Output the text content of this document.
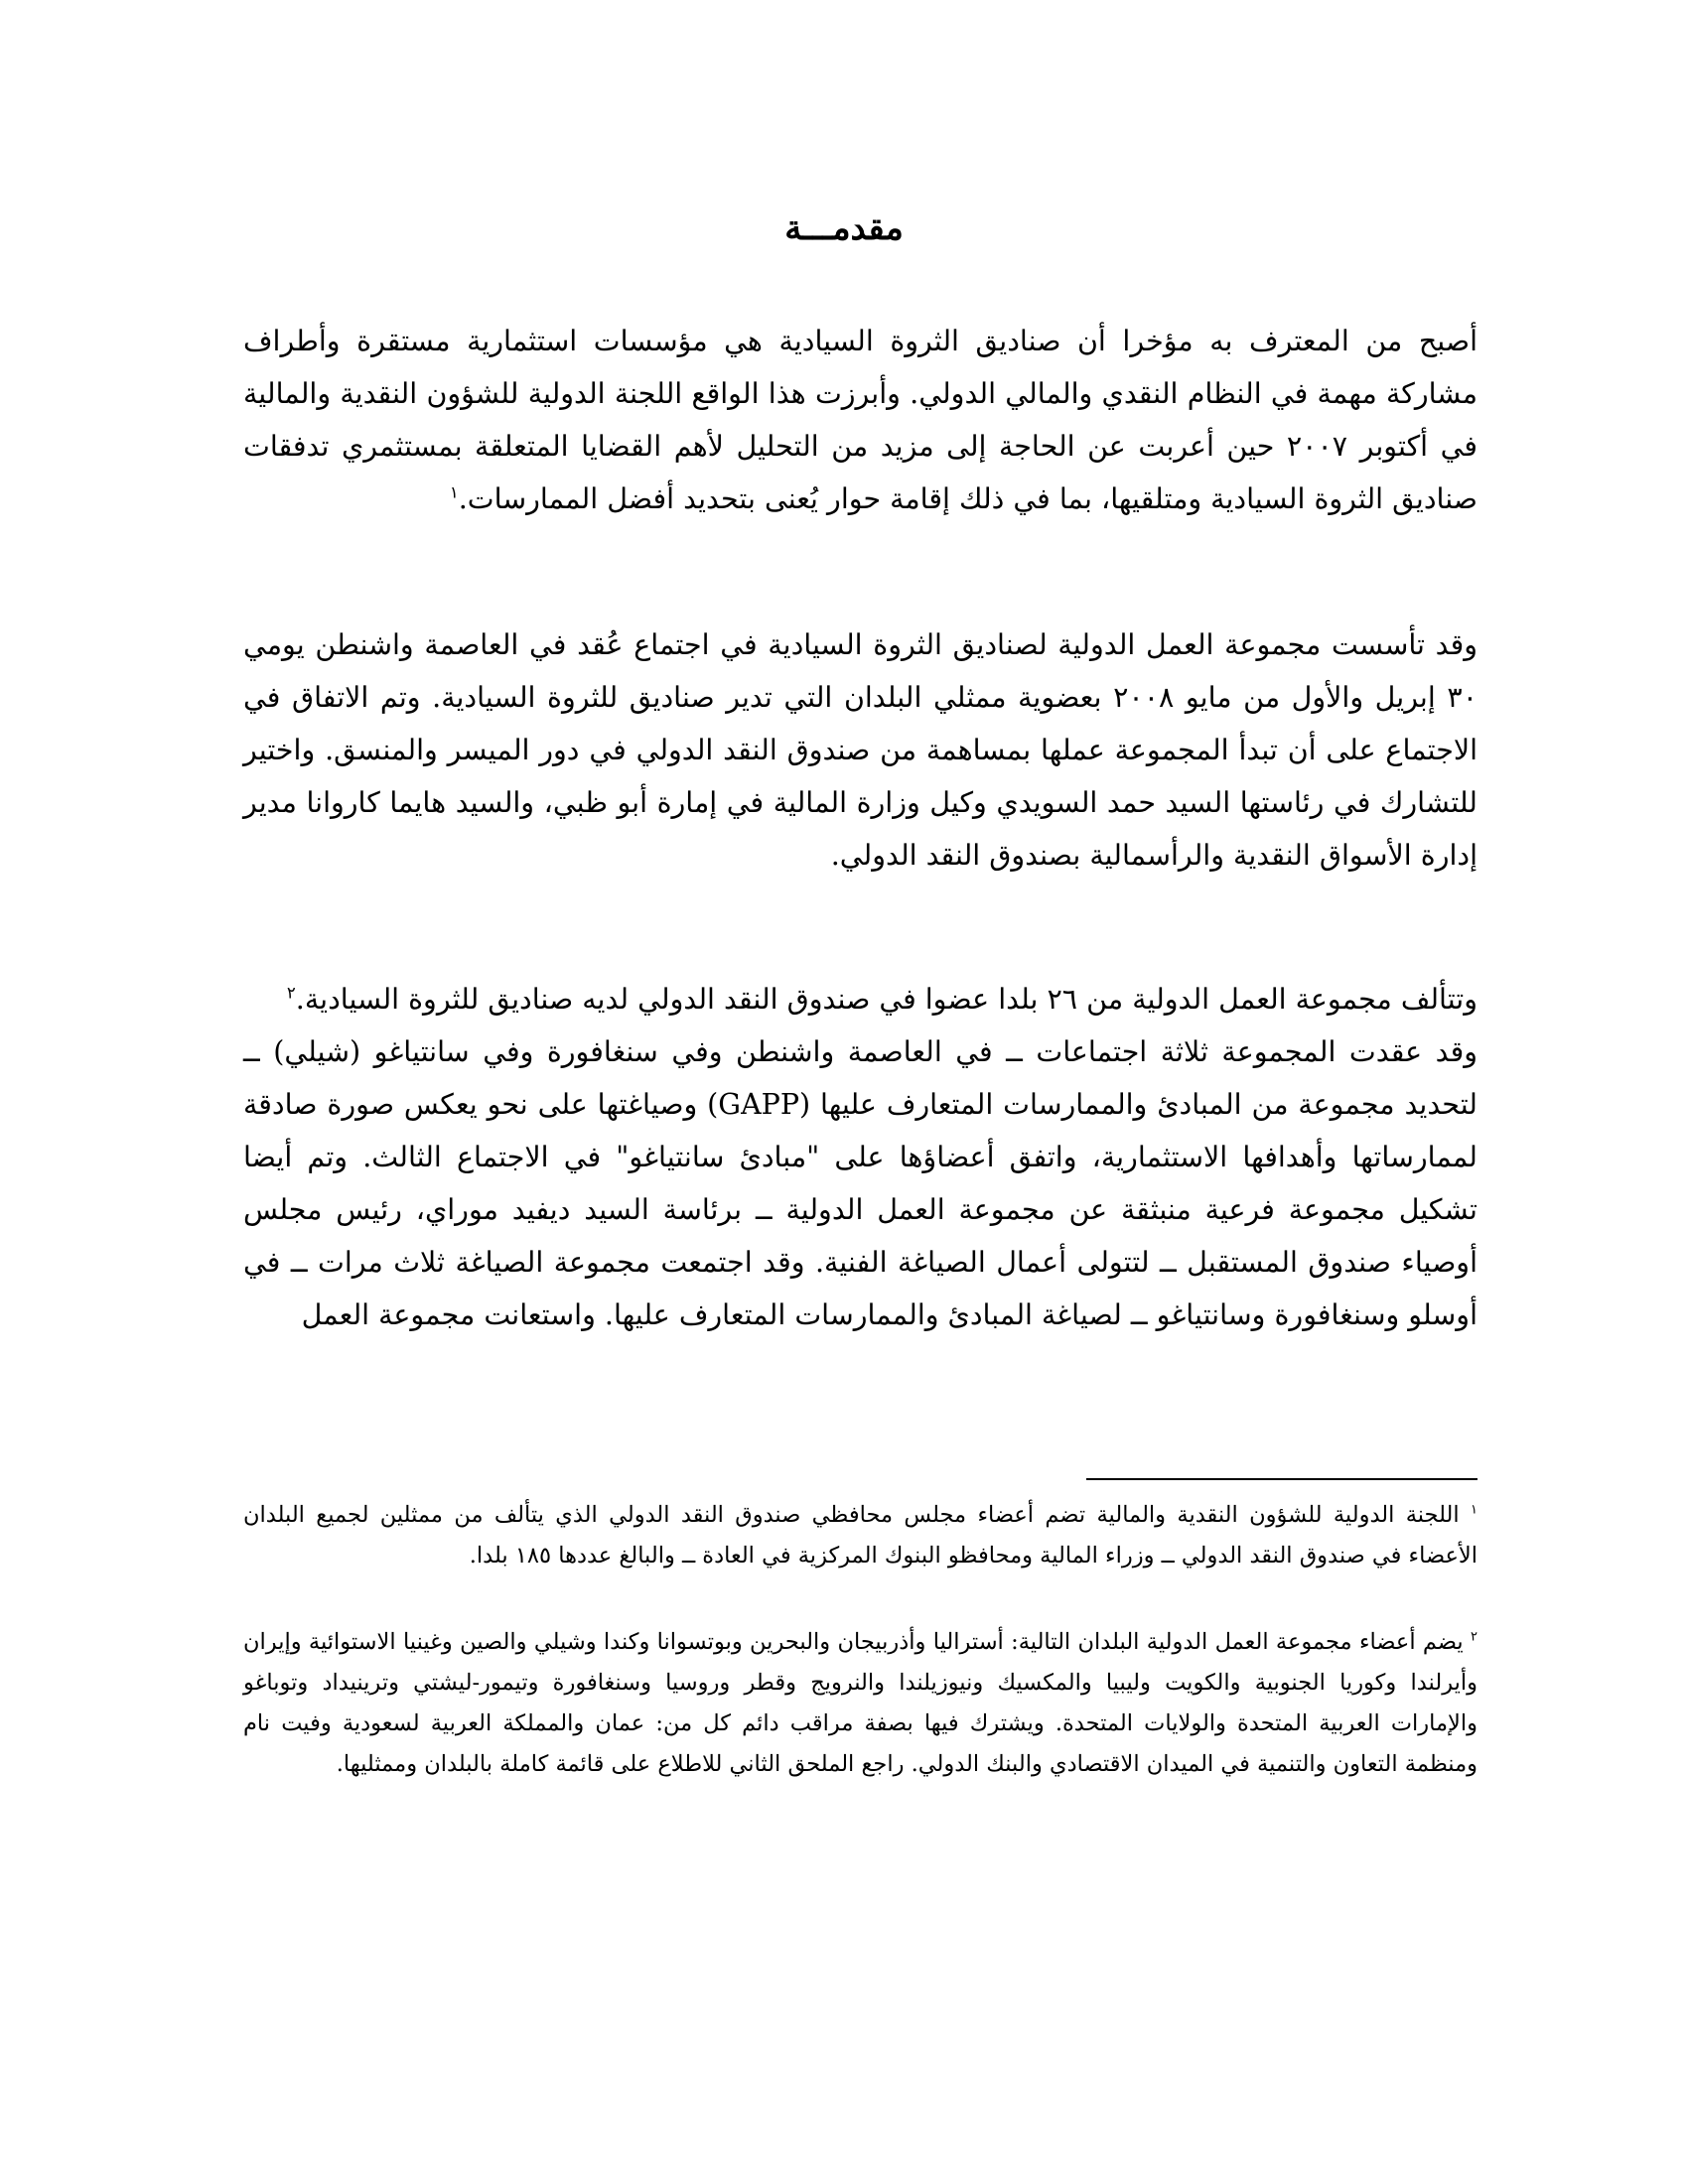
مقدمـــة

أصبح من المعترف به مؤخرا أن صناديق الثروة السيادية هي مؤسسات استثمارية مستقرة وأطراف مشاركة مهمة في النظام النقدي والمالي الدولي. وأبرزت هذا الواقع اللجنة الدولية للشؤون النقدية والمالية في أكتوبر ٢٠٠٧ حين أعربت عن الحاجة إلى مزيد من التحليل لأهم القضايا المتعلقة بمستثمري تدفقات صناديق الثروة السيادية ومتلقيها، بما في ذلك إقامة حوار يُعنى بتحديد أفضل الممارسات.$^١$

وقد تأسست مجموعة العمل الدولية لصناديق الثروة السيادية في اجتماع عُقد في العاصمة واشنطن يومي ٣٠ إبريل والأول من مايو ٢٠٠٨ بعضوية ممثلي البلدان التي تدير صناديق للثروة السيادية. وتم الاتفاق في الاجتماع على أن تبدأ المجموعة عملها بمساهمة من صندوق النقد الدولي في دور الميسر والمنسق. واختير للتشارك في رئاستها السيد حمد السويدي وكيل وزارة المالية في إمارة أبو ظبي، والسيد هايما كاروانا مدير إدارة الأسواق النقدية والرأسمالية بصندوق النقد الدولي.

وتتألف مجموعة العمل الدولية من ٢٦ بلدا عضوا في صندوق النقد الدولي لديه صناديق للثروة السيادية.$^٢$
وقد عقدت المجموعة ثلاثة اجتماعات ــ في العاصمة واشنطن وفي سنغافورة وفي سانتياغو (شيلي) ــ لتحديد مجموعة من المبادئ والممارسات المتعارف عليها (GAPP) وصياغتها على نحو يعكس صورة صادقة لممارساتها وأهدافها الاستثمارية، واتفق أعضاؤها على "مبادئ سانتياغو" في الاجتماع الثالث. وتم أيضا تشكيل مجموعة فرعية منبثقة عن مجموعة العمل الدولية ــ برئاسة السيد ديفيد موراي، رئيس مجلس أوصياء صندوق المستقبل ــ لتتولى أعمال الصياغة الفنية. وقد اجتمعت مجموعة الصياغة ثلاث مرات ــ في أوسلو وسنغافورة وسانتياغو ــ لصياغة المبادئ والممارسات المتعارف عليها. واستعانت مجموعة العمل

$^١$ اللجنة الدولية للشؤون النقدية والمالية تضم أعضاء مجلس محافظي صندوق النقد الدولي الذي يتألف من ممثلين لجميع البلدان الأعضاء في صندوق النقد الدولي ــ وزراء المالية ومحافظو البنوك المركزية في العادة ــ والبالغ عددها ١٨٥ بلدا.

$^٢$ يضم أعضاء مجموعة العمل الدولية البلدان التالية: أستراليا وأذربيجان والبحرين وبوتسوانا وكندا وشيلي والصين وغينيا الاستوائية وإيران وأيرلندا وكوريا الجنوبية والكويت وليبيا والمكسيك ونيوزيلندا والنرويج وقطر وروسيا وسنغافورة وتيمور-ليشتي وترينيداد وتوباغو والإمارات العربية المتحدة والولايات المتحدة. ويشترك فيها بصفة مراقب دائم كل من: عمان والمملكة العربية لسعودية وفيت نام ومنظمة التعاون والتنمية في الميدان الاقتصادي والبنك الدولي. راجع الملحق الثاني للاطلاع على قائمة كاملة بالبلدان وممثليها.
